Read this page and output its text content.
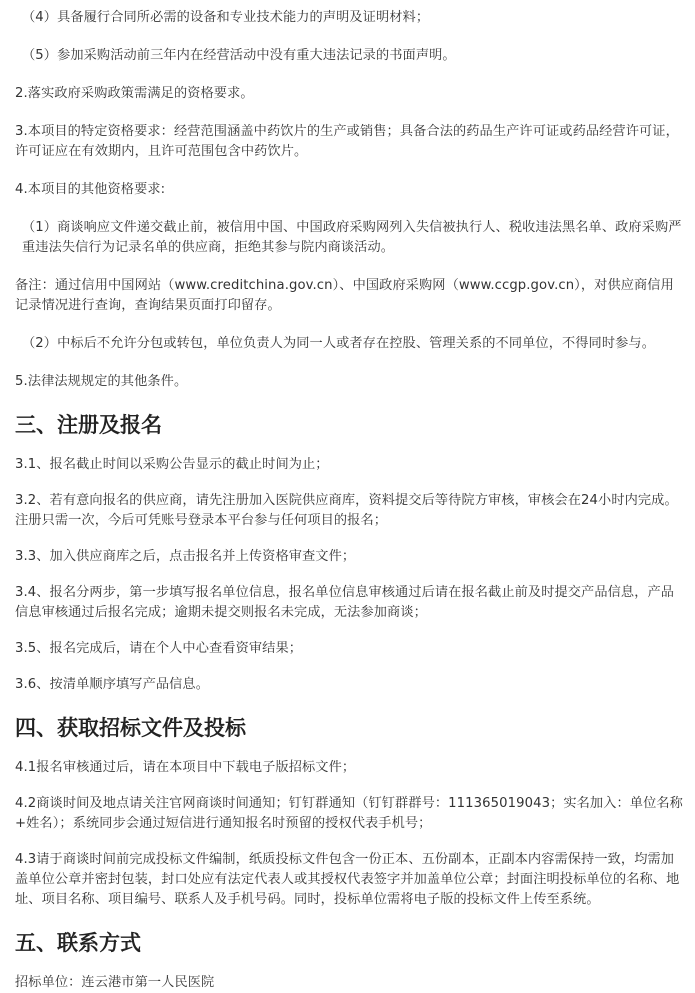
（4）具备履行合同所必需的设备和专业技术能力的声明及证明材料；

（5）参加采购活动前三年内在经营活动中没有重大违法记录的书面声明。

2.落实政府采购政策需满足的资格要求。

3.本项目的特定资格要求：经营范围涵盖中药饮片的生产或销售；具备合法的药品生产许可证或药品经营许可证，许可证应在有效期内，且许可范围包含中药饮片。

4.本项目的其他资格要求:

（1）商谈响应文件递交截止前，被信用中国、中国政府采购网列入失信被执行人、税收违法黑名单、政府采购严重违法失信行为记录名单的供应商，拒绝其参与院内商谈活动。

备注：通过信用中国网站（www.creditchina.gov.cn）、中国政府采购网（www.ccgp.gov.cn），对供应商信用记录情况进行查询，查询结果页面打印留存。

（2）中标后不允许分包或转包，单位负责人为同一人或者存在控股、管理关系的不同单位，不得同时参与。

5.法律法规规定的其他条件。

三、注册及报名

3.1、报名截止时间以采购公告显示的截止时间为止；

3.2、若有意向报名的供应商，请先注册加入医院供应商库，资料提交后等待院方审核，审核会在24小时内完成。注册只需一次，今后可凭账号登录本平台参与任何项目的报名；

3.3、加入供应商库之后，点击报名并上传资格审查文件；

3.4、报名分两步，第一步填写报名单位信息，报名单位信息审核通过后请在报名截止前及时提交产品信息，产品信息审核通过后报名完成；逾期未提交则报名未完成，无法参加商谈；

3.5、报名完成后，请在个人中心查看资审结果；

3.6、按清单顺序填写产品信息。

四、获取招标文件及投标

4.1报名审核通过后，请在本项目中下载电子版招标文件；

4.2商谈时间及地点请关注官网商谈时间通知；钉钉群通知（钉钉群群号：111365019043；实名加入：单位名称+姓名）；系统同步会通过短信进行通知报名时预留的授权代表手机号；

4.3请于商谈时间前完成投标文件编制，纸质投标文件包含一份正本、五份副本，正副本内容需保持一致，均需加盖单位公章并密封包装，封口处应有法定代表人或其授权代表签字并加盖单位公章；封面注明投标单位的名称、地址、项目名称、项目编号、联系人及手机号码。同时，投标单位需将电子版的投标文件上传至系统。

五、联系方式

招标单位：连云港市第一人民医院
